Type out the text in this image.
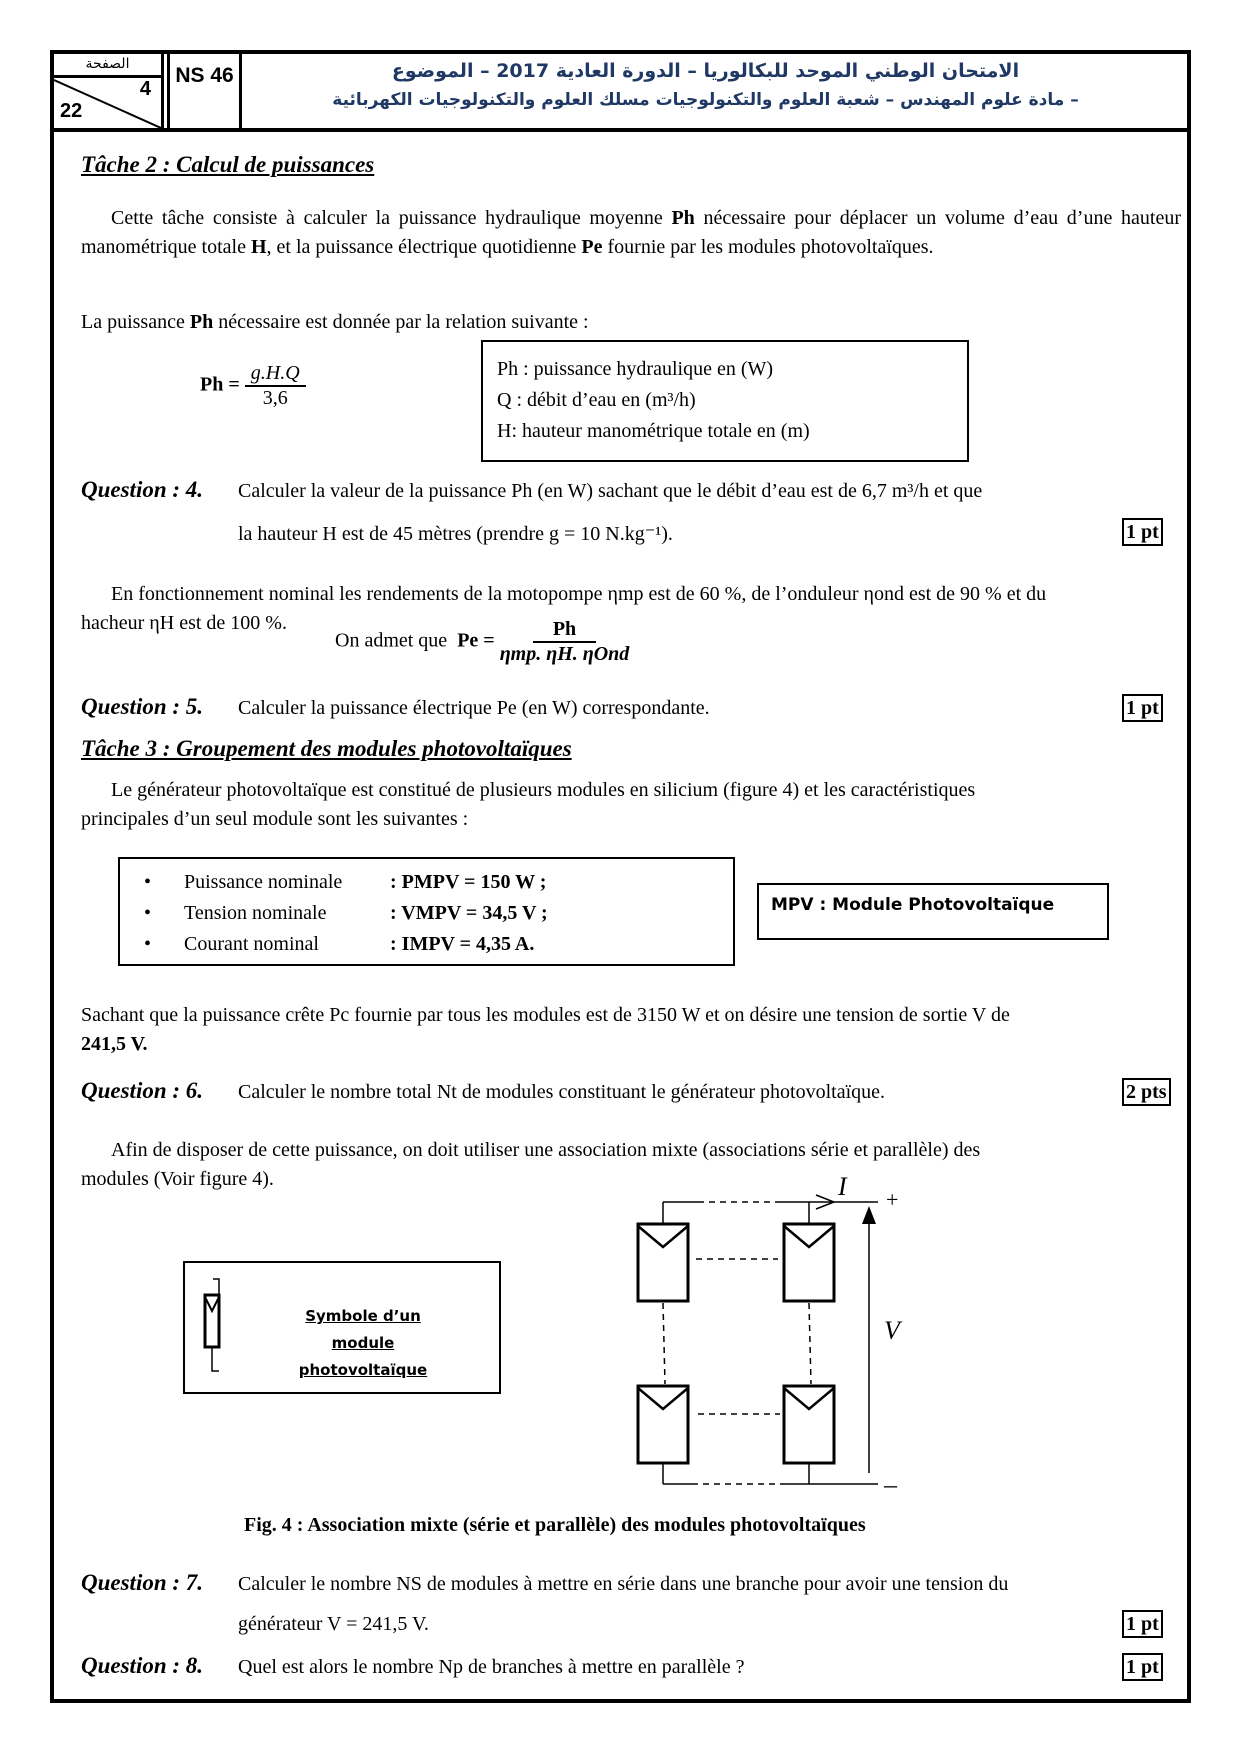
الصفحة
4
22
NS 46	الامتحان الوطني الموحد للبكالوريا – الدورة العادية 2017 – الموضوع
– مادة علوم المهندس – شعبة العلوم والتكنولوجيات مسلك العلوم والتكنولوجيات الكهربائية
Tâche 2 : Calcul de puissances
Cette tâche consiste à calculer la puissance hydraulique moyenne Ph nécessaire pour déplacer un volume d’eau d’une hauteur manométrique totale H, et la puissance électrique quotidienne Pe fournie par les modules photovoltaïques.
La puissance Ph nécessaire est donnée par la relation suivante :
$Ph = \frac{g.H.Q}{3,6}$	Ph : puissance hydraulique en (W)
Q : débit d’eau en (m³/h)
H: hauteur manométrique totale en (m)
Question : 4. Calculer la valeur de la puissance Ph (en W) sachant que le débit d’eau est de 6,7 m³/h et que
la hauteur H est de 45 mètres (prendre g = 10 N.kg⁻¹).	1 pt
En fonctionnement nominal les rendements de la motopompe ηmp est de 60 %, de l’onduleur ηond est de 90 % et du
hacheur ηH est de 100 %.
On admet que $Pe = \frac{Ph}{\text{ηmp. ηH. ηOnd}}$
Question : 5. Calculer la puissance électrique Pe (en W) correspondante.	1 pt
Tâche 3 : Groupement des modules photovoltaïques
Le générateur photovoltaïque est constitué de plusieurs modules en silicium (figure 4) et les caractéristiques
principales d’un seul module sont les suivantes :
• Puissance nominale : PMPV = 150 W ;
• Tension nominale	: VMPV = 34,5 V ;
• Courant nominal	: IMPV = 4,35 A.
MPV : Module Photovoltaïque
Sachant que la puissance crête Pc fournie par tous les modules est de 3150 W et on désire une tension de sortie V de
241,5 V.
Question : 6. Calculer le nombre total Nt de modules constituant le générateur photovoltaïque.	2 pts
Afin de disposer de cette puissance, on doit utiliser une association mixte (associations série et parallèle) des
modules (Voir figure 4).
Symbole d’un module
photovoltaïque
I +
V
–
Fig. 4 : Association mixte (série et parallèle) des modules photovoltaïques
Question : 7. Calculer le nombre NS de modules à mettre en série dans une branche pour avoir une tension du
générateur V = 241,5 V.	1 pt
Question : 8. Quel est alors le nombre Np de branches à mettre en parallèle ?	1 pt
